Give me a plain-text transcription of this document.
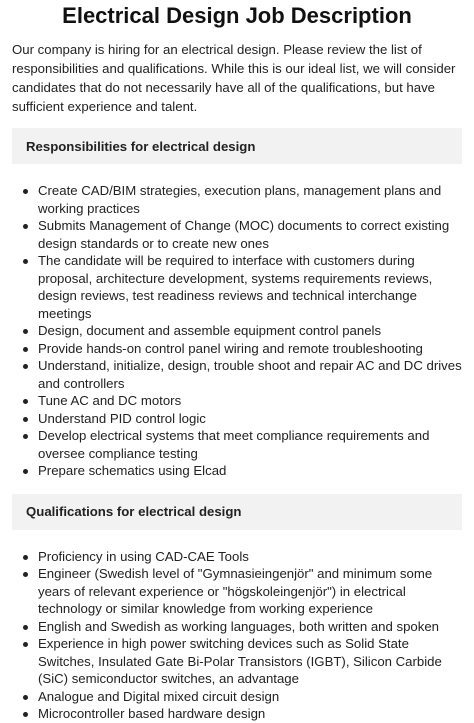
Electrical Design Job Description

Our company is hiring for an electrical design. Please review the list of responsibilities and qualifications. While this is our ideal list, we will consider candidates that do not necessarily have all of the qualifications, but have sufficient experience and talent.

Responsibilities for electrical design
Create CAD/BIM strategies, execution plans, management plans and working practices
Submits Management of Change (MOC) documents to correct existing design standards or to create new ones
The candidate will be required to interface with customers during proposal, architecture development, systems requirements reviews, design reviews, test readiness reviews and technical interchange meetings
Design, document and assemble equipment control panels
Provide hands-on control panel wiring and remote troubleshooting
Understand, initialize, design, trouble shoot and repair AC and DC drives and controllers
Tune AC and DC motors
Understand PID control logic
Develop electrical systems that meet compliance requirements and oversee compliance testing
Prepare schematics using Elcad
Qualifications for electrical design
Proficiency in using CAD-CAE Tools
Engineer (Swedish level of "Gymnasieingenjör" and minimum some years of relevant experience or "högskoleingenjör") in electrical technology or similar knowledge from working experience
English and Swedish as working languages, both written and spoken
Experience in high power switching devices such as Solid State Switches, Insulated Gate Bi-Polar Transistors (IGBT), Silicon Carbide (SiC) semiconductor switches, an advantage
Analogue and Digital mixed circuit design
Microcontroller based hardware design
